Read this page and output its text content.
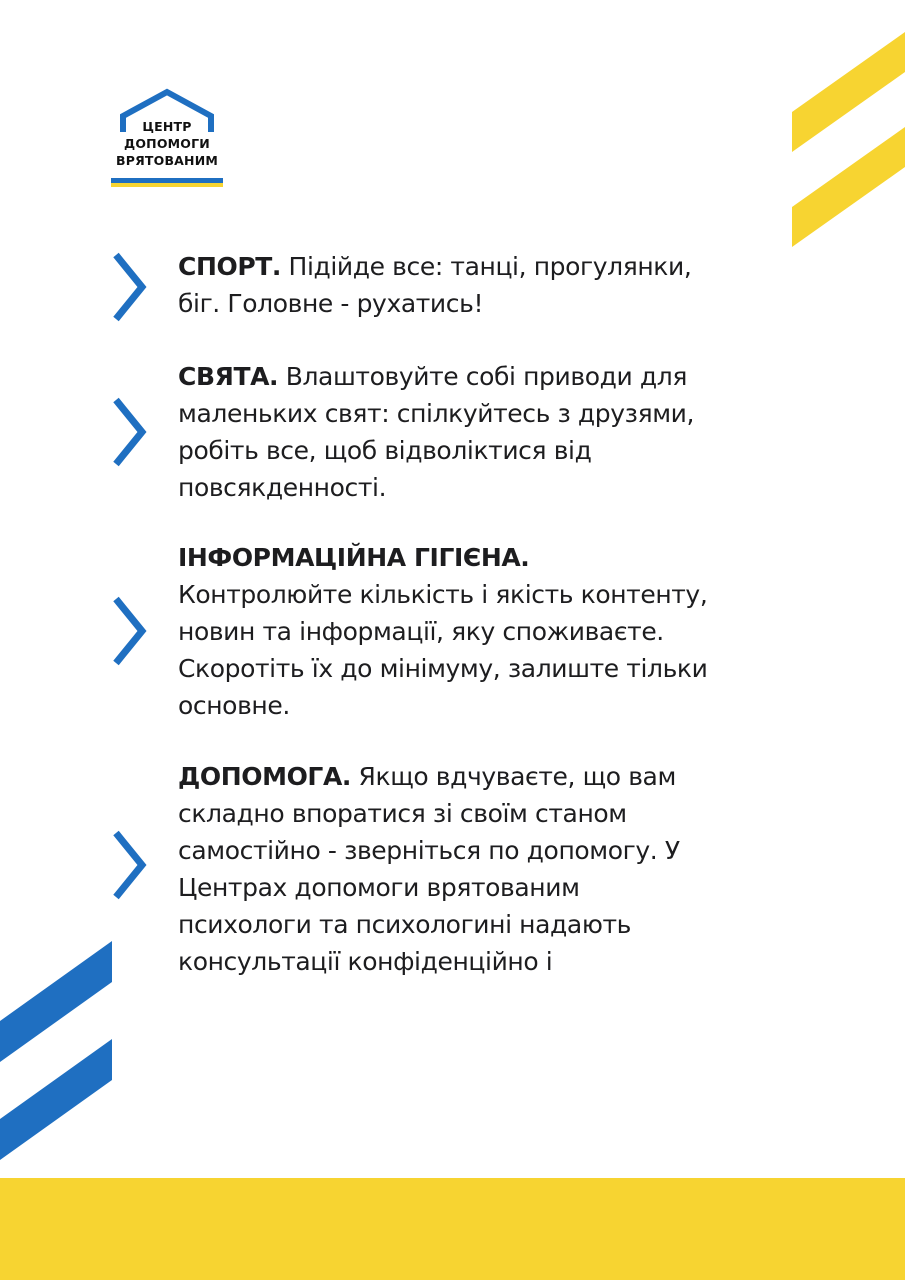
ЦЕНТР
ДОПОМОГИ
ВРЯТОВАНИМ

СПОРТ. Підійде все: танці, прогулянки,

біг. Головне - рухатись!

СВЯТА. Влаштовуйте собі приводи для

маленьких свят: спілкуйтесь з друзями,

робіть все, щоб відволіктися від

повсякденності.

ІНФОРМАЦІЙНА ГІГІЄНА.

Контролюйте кількість і якість контенту,

новин та інформації, яку споживаєте.

Скоротіть їх до мінімуму, залиште тільки

основне.

ДОПОМОГА. Якщо вдчуваєте, що вам

складно впоратися зі своїм станом

самостійно - зверніться по допомогу. У

Центрах допомоги врятованим

психологи та психологині надають

консультації конфіденційно і
